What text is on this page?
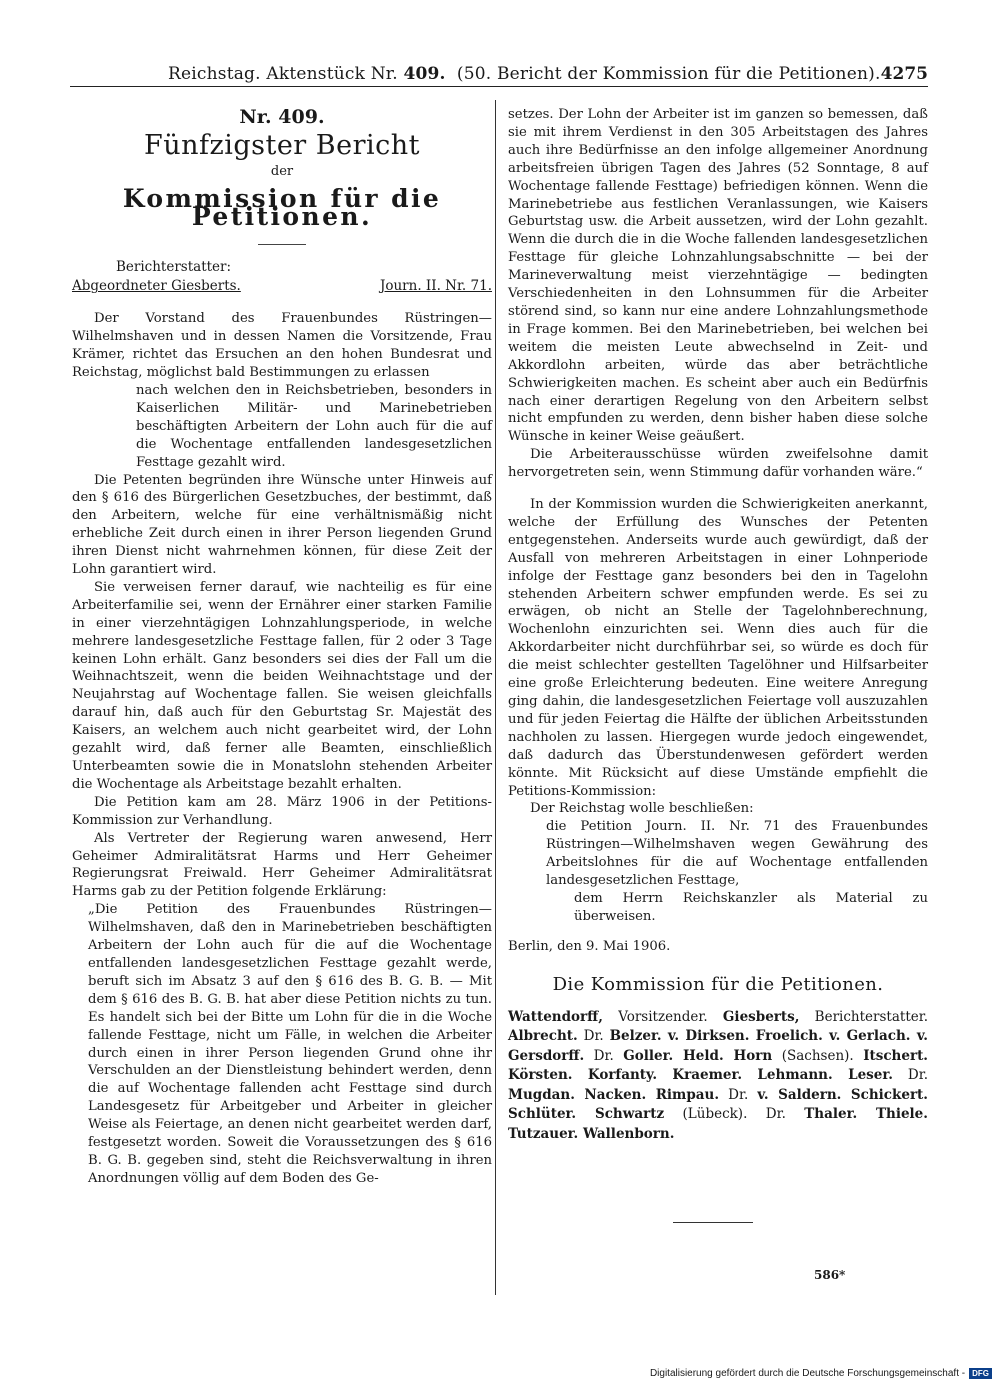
Reichstag. Aktenstück Nr. 409. (50. Bericht der Kommission für die Petitionen). 4275
Nr. 409.
Fünfzigster Bericht
der
Kommission für die Petitionen.
Berichterstatter:
Abgeordneter Giesberts.	Journ. II. Nr. 71.

Der Vorstand des Frauenbundes Rüstringen—Wilhelmshaven und in dessen Namen die Vorsitzende, Frau Krämer, richtet das Ersuchen an den hohen Bundesrat und Reichstag, möglichst bald Bestimmungen zu erlassen

nach welchen den in Reichsbetrieben, besonders in Kaiserlichen Militär- und Marinebetrieben beschäftigten Arbeitern der Lohn auch für die auf die Wochentage entfallenden landesgesetzlichen Festtage gezahlt wird.

Die Petenten begründen ihre Wünsche unter Hinweis auf den § 616 des Bürgerlichen Gesetzbuches, der bestimmt, daß den Arbeitern, welche für eine verhältnismäßig nicht erhebliche Zeit durch einen in ihrer Person liegenden Grund ihren Dienst nicht wahrnehmen können, für diese Zeit der Lohn garantiert wird.

Sie verweisen ferner darauf, wie nachteilig es für eine Arbeiterfamilie sei, wenn der Ernährer einer starken Familie in einer vierzehntägigen Lohnzahlungsperiode, in welche mehrere landesgesetzliche Festtage fallen, für 2 oder 3 Tage keinen Lohn erhält. Ganz besonders sei dies der Fall um die Weihnachtszeit, wenn die beiden Weihnachtstage und der Neujahrstag auf Wochentage fallen. Sie weisen gleichfalls darauf hin, daß auch für den Geburtstag Sr. Majestät des Kaisers, an welchem auch nicht gearbeitet wird, der Lohn gezahlt wird, daß ferner alle Beamten, einschließlich Unterbeamten sowie die in Monatslohn stehenden Arbeiter die Wochentage als Arbeitstage bezahlt erhalten.

Die Petition kam am 28. März 1906 in der Petitions-Kommission zur Verhandlung.

Als Vertreter der Regierung waren anwesend, Herr Geheimer Admiralitätsrat Harms und Herr Geheimer Regierungsrat Freiwald. Herr Geheimer Admiralitätsrat Harms gab zu der Petition folgende Erklärung:

„Die Petition des Frauenbundes Rüstringen—Wilhelmshaven, daß den in Marinebetrieben beschäftigten Arbeitern der Lohn auch für die auf die Wochentage entfallenden landesgesetzlichen Festtage gezahlt werde, beruft sich im Absatz 3 auf den § 616 des B. G. B. — Mit dem § 616 des B. G. B. hat aber diese Petition nichts zu tun. Es handelt sich bei der Bitte um Lohn für die in die Woche fallende Festtage, nicht um Fälle, in welchen die Arbeiter durch einen in ihrer Person liegenden Grund ohne ihr Verschulden an der Dienstleistung behindert werden, denn die auf Wochentage fallenden acht Festtage sind durch Landesgesetz für Arbeitgeber und Arbeiter in gleicher Weise als Feiertage, an denen nicht gearbeitet werden darf, festgesetzt worden. Soweit die Voraussetzungen des § 616 B. G. B. gegeben sind, steht die Reichsverwaltung in ihren Anordnungen völlig auf dem Boden des Ge-

setzes. Der Lohn der Arbeiter ist im ganzen so bemessen, daß sie mit ihrem Verdienst in den 305 Arbeitstagen des Jahres auch ihre Bedürfnisse an den infolge allgemeiner Anordnung arbeitsfreien übrigen Tagen des Jahres (52 Sonntage, 8 auf Wochentage fallende Festtage) befriedigen können. Wenn die Marinebetriebe aus festlichen Veranlassungen, wie Kaisers Geburtstag usw. die Arbeit aussetzen, wird der Lohn gezahlt. Wenn die durch die in die Woche fallenden landesgesetzlichen Festtage für gleiche Lohnzahlungsabschnitte — bei der Marineverwaltung meist vierzehntägige — bedingten Verschiedenheiten in den Lohnsummen für die Arbeiter störend sind, so kann nur eine andere Lohnzahlungsmethode in Frage kommen. Bei den Marinebetrieben, bei welchen bei weitem die meisten Leute abwechselnd in Zeit- und Akkordlohn arbeiten, würde das aber beträchtliche Schwierigkeiten machen. Es scheint aber auch ein Bedürfnis nach einer derartigen Regelung von den Arbeitern selbst nicht empfunden zu werden, denn bisher haben diese solche Wünsche in keiner Weise geäußert.

Die Arbeiterausschüsse würden zweifelsohne damit hervorgetreten sein, wenn Stimmung dafür vorhanden wäre.“

In der Kommission wurden die Schwierigkeiten anerkannt, welche der Erfüllung des Wunsches der Petenten entgegenstehen. Anderseits wurde auch gewürdigt, daß der Ausfall von mehreren Arbeitstagen in einer Lohnperiode infolge der Festtage ganz besonders bei den in Tagelohn stehenden Arbeitern schwer empfunden werde. Es sei zu erwägen, ob nicht an Stelle der Tagelohnberechnung, Wochenlohn einzurichten sei. Wenn dies auch für die Akkordarbeiter nicht durchführbar sei, so würde es doch für die meist schlechter gestellten Tagelöhner und Hilfsarbeiter eine große Erleichterung bedeuten. Eine weitere Anregung ging dahin, die landesgesetzlichen Feiertage voll auszuzahlen und für jeden Feiertag die Hälfte der üblichen Arbeitsstunden nachholen zu lassen. Hiergegen wurde jedoch eingewendet, daß dadurch das Überstundenwesen gefördert werden könnte. Mit Rücksicht auf diese Umstände empfiehlt die Petitions-Kommission:

Der Reichstag wolle beschließen:

die Petition Journ. II. Nr. 71 des Frauenbundes Rüstringen—Wilhelmshaven wegen Gewährung des Arbeitslohnes für die auf Wochentage entfallenden landesgesetzlichen Festtage,

dem Herrn Reichskanzler als Material zu überweisen.

Berlin, den 9. Mai 1906.

Die Kommission für die Petitionen.

Wattendorff, Vorsitzender. Giesberts, Berichterstatter. Albrecht. Dr. Belzer. v. Dirksen. Froelich. v. Gerlach. v. Gersdorff. Dr. Goller. Held. Horn (Sachsen). Itschert. Körsten. Korfanty. Kraemer. Lehmann. Leser. Dr. Mugdan. Nacken. Rimpau. Dr. v. Saldern. Schickert. Schlüter. Schwartz (Lübeck). Dr. Thaler. Thiele. Tutzauer. Wallenborn.

586*
Digitalisierung gefördert durch die Deutsche Forschungsgemeinschaft - DFG
